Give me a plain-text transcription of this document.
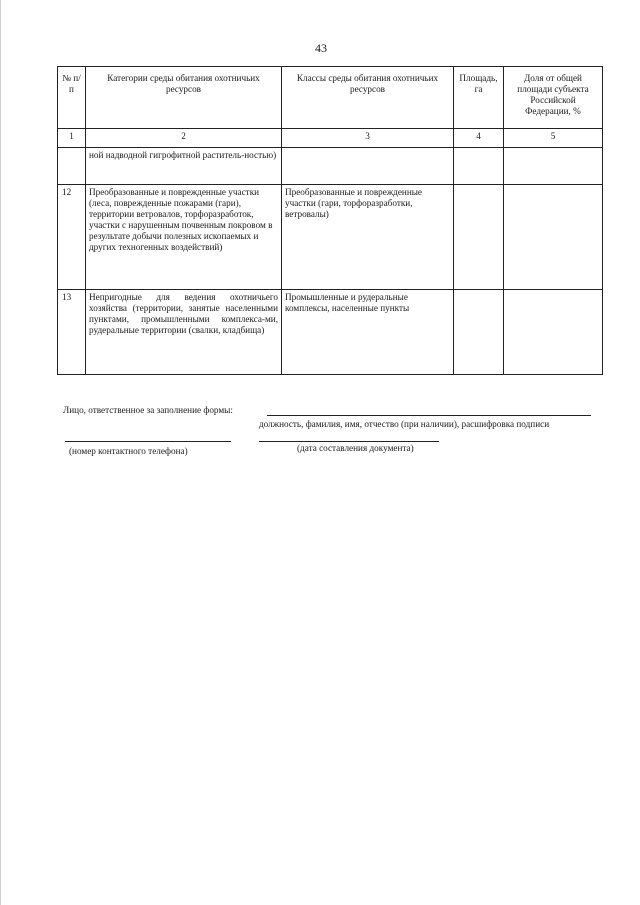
43
№ п/п	Категории среды обитания охотничьих ресурсов	Классы среды обитания охотничьих ресурсов	Площадь, га	Доля от общей площади субъекта Российской Федерации, %
1	2	3	4	5
	ной надводной гигрофитной раститель-ностью)			
12	Преобразованные и поврежденные участки (леса, поврежденные пожарами (гари), территории ветровалов, торфоразработок, участки с нарушенным почвенным покровом в результате добычи полезных ископаемых и других техногенных воздействий)	Преобразованные и поврежденные участки (гари, торфоразработки, ветровалы)		
13	Непригодные для ведения охотничьего хозяйства (территории, занятые населенными пунктами, промышленными комплекса-ми, рудеральные территории (свалки, кладбища)	Промышленные и рудеральные комплексы, населенные пункты		
Лицо, ответственное за заполнение формы:
должность, фамилия, имя, отчество (при наличии), расшифровка подписи
(номер контактного телефона)	(дата составления документа)
